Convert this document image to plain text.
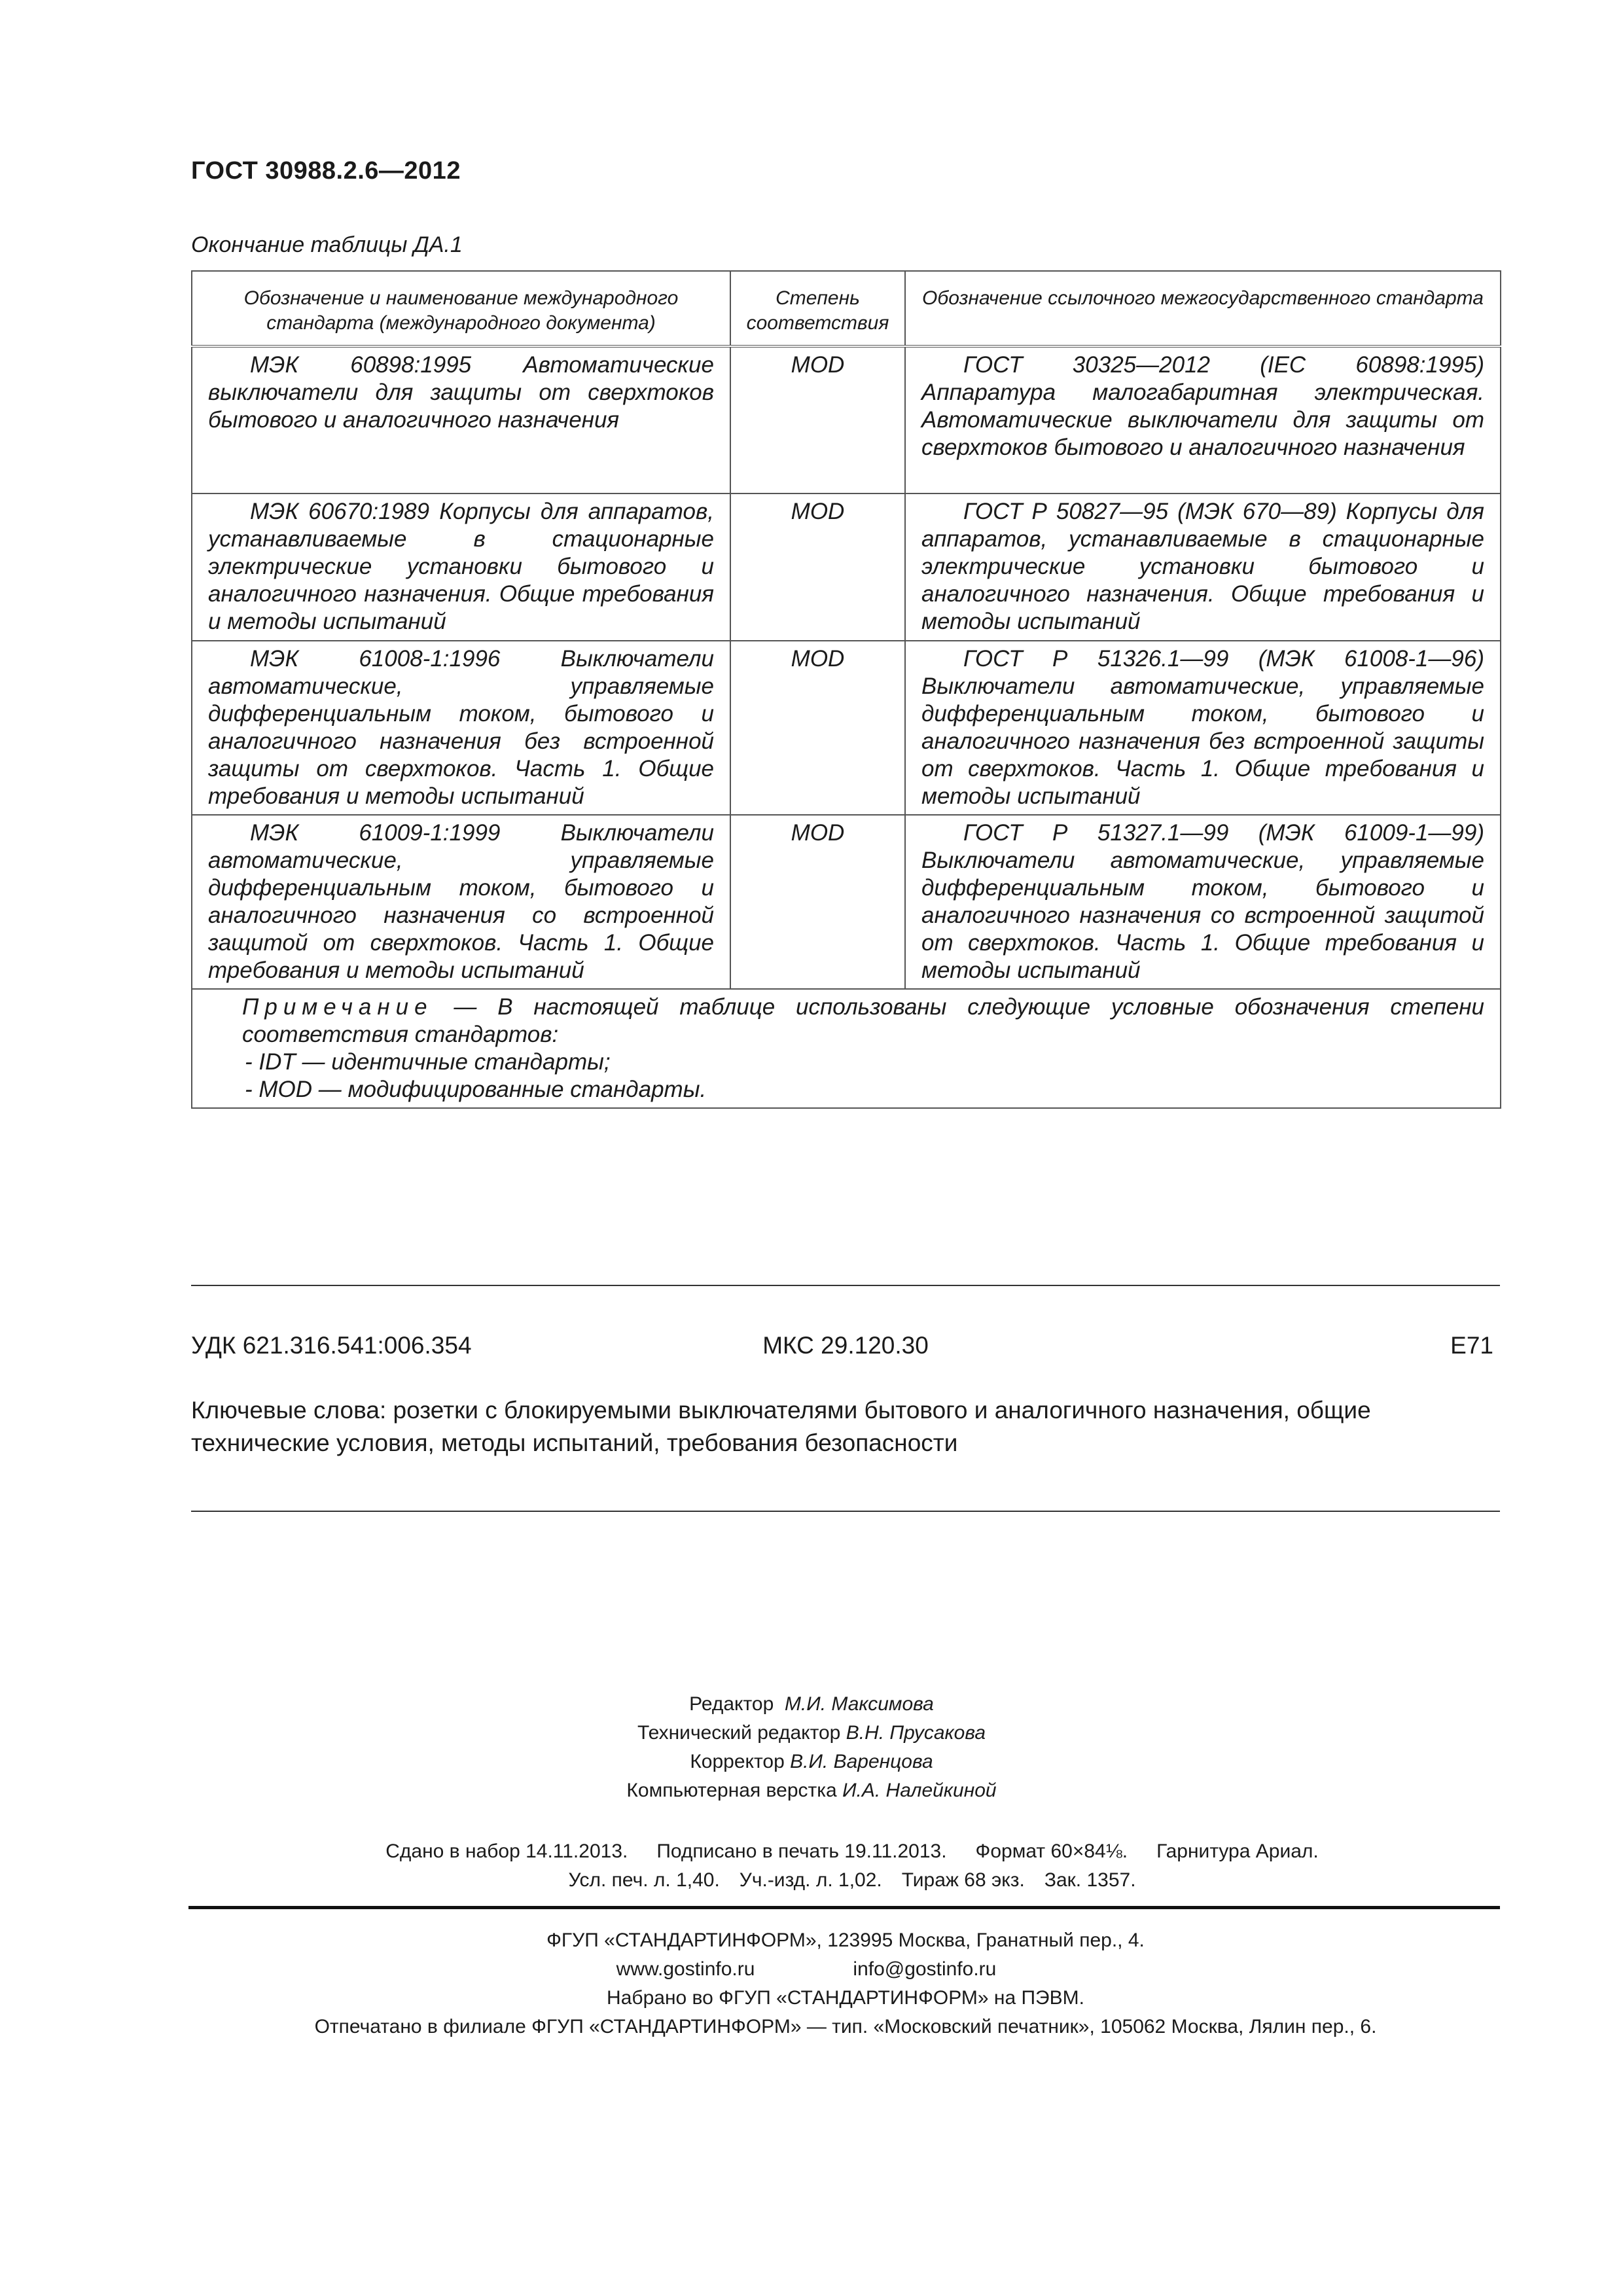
ГОСТ 30988.2.6—2012
Окончание таблицы ДА.1
Обозначение и наименование международного стандарта (международного документа)	Степень соответствия	Обозначение ссылочного межгосударственного стандарта
МЭК 60898:1995 Автоматические выключатели для защиты от сверхтоков бытового и аналогичного назначения	MOD	ГОСТ 30325—2012 (IEC 60898:1995) Аппаратура малогабаритная электрическая. Автоматические выключатели для защиты от сверхтоков бытового и аналогичного назначения
МЭК 60670:1989 Корпусы для аппаратов, устанавливаемые в стационарные электрические установки бытового и аналогичного назначения. Общие требования и методы испытаний	MOD	ГОСТ Р 50827—95 (МЭК 670—89) Корпусы для аппаратов, устанавливаемые в стационарные электрические установки бытового и аналогичного назначения. Общие требования и методы испытаний
МЭК 61008-1:1996 Выключатели автоматические, управляемые дифференциальным током, бытового и аналогичного назначения без встроенной защиты от сверхтоков. Часть 1. Общие требования и методы испытаний	MOD	ГОСТ Р 51326.1—99 (МЭК 61008-1—96) Выключатели автоматические, управляемые дифференциальным током, бытового и аналогичного назначения без встроенной защиты от сверхтоков. Часть 1. Общие требования и методы испытаний
МЭК 61009-1:1999 Выключатели автоматические, управляемые дифференциальным током, бытового и аналогичного назначения со встроенной защитой от сверхтоков. Часть 1. Общие требования и методы испытаний	MOD	ГОСТ Р 51327.1—99 (МЭК 61009-1—99) Выключатели автоматические, управляемые дифференциальным током, бытового и аналогичного назначения со встроенной защитой от сверхтоков. Часть 1. Общие требования и методы испытаний
Примечание — В настоящей таблице использованы следующие условные обозначения степени соответствия стандартов:
- IDT — идентичные стандарты;
- MOD — модифицированные стандарты.		
УДК 621.316.541:006.354	МКС 29.120.30	Е71
Ключевые слова: розетки с блокируемыми выключателями бытового и аналогичного назначения, общие технические условия, методы испытаний, требования безопасности
Редактор М.И. Максимова
Технический редактор В.Н. Прусакова
Корректор В.И. Варенцова
Компьютерная верстка И.А. Налейкиной
Сдано в набор 14.11.2013. Подписано в печать 19.11.2013. Формат 60×84⅛. Гарнитура Ариал.
Усл. печ. л. 1,40. Уч.-изд. л. 1,02. Тираж 68 экз. Зак. 1357.
ФГУП «СТАНДАРТИНФОРМ», 123995 Москва, Гранатный пер., 4.
www.gostinfo.ru	info@gostinfo.ru
Набрано во ФГУП «СТАНДАРТИНФОРМ» на ПЭВМ.
Отпечатано в филиале ФГУП «СТАНДАРТИНФОРМ» — тип. «Московский печатник», 105062 Москва, Лялин пер., 6.
